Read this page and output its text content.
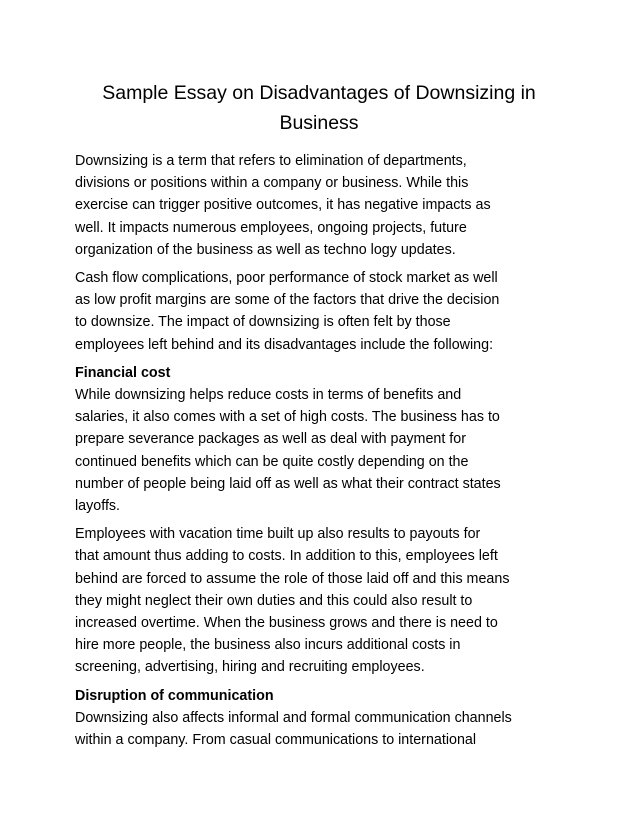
Sample Essay on Disadvantages of Downsizing in
Business

Downsizing is a term that refers to elimination of departments,
divisions or positions within a company or business. While this
exercise can trigger positive outcomes, it has negative impacts as
well. It impacts numerous employees, ongoing projects, future
organization of the business as well as techno logy updates.

Cash flow complications, poor performance of stock market as well
as low profit margins are some of the factors that drive the decision
to downsize. The impact of downsizing is often felt by those
employees left behind and its disadvantages include the following:

Financial cost

While downsizing helps reduce costs in terms of benefits and
salaries, it also comes with a set of high costs. The business has to
prepare severance packages as well as deal with payment for
continued benefits which can be quite costly depending on the
number of people being laid off as well as what their contract states
layoffs.

Employees with vacation time built up also results to payouts for
that amount thus adding to costs. In addition to this, employees left
behind are forced to assume the role of those laid off and this means
they might neglect their own duties and this could also result to
increased overtime. When the business grows and there is need to
hire more people, the business also incurs additional costs in
screening, advertising, hiring and recruiting employees.

Disruption of communication

Downsizing also affects informal and formal communication channels
within a company. From casual communications to international
